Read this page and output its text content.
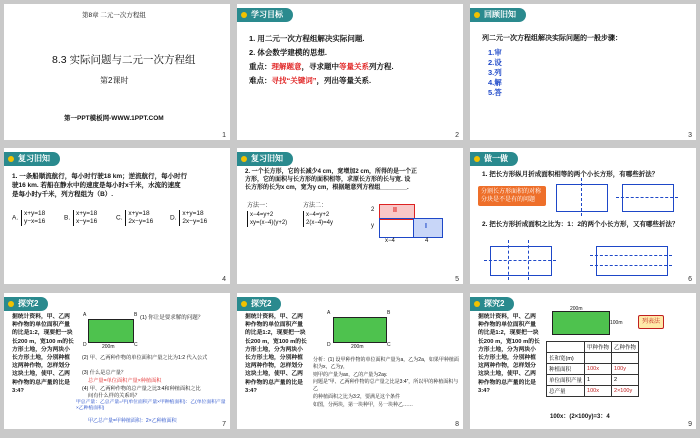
第8章 二元一次方程组
8.3 实际问题与二元一次方程组
第2课时
第一PPT模板网-WWW.1PPT.COM
1
学习目标
1. 用二元一次方程组解决实际问题.
2. 体会数学建模的思想.
重点：理解题意，寻求题中等量关系列方程.
难点：寻找“关键词”，列出等量关系.
2
回顾旧知
列二元一次方程组解决实际问题的一般步骤：
1.审
2.设
3.列
4.解
5.答
3
复习旧知
1. 一条船顺流航行，每小时行驶18 km；逆流航行，每小时行
驶16 km. 若船在静水中的速度是每小时x千米，水流的速度
是每小时y千米，列方程组为（B）.
A. x+y=18
y−x=16	B. x+y=18
x−y=16	C. x+y=18
2x−y=16	D. x+y=18
2x−y=16
4
复习旧知
2. 一个长方形，它的长减少4 cm，宽增加2 cm，所得的是一个正
方形，它的面积与长方形的面积相等，求原长方形的长与宽. 设
长方形的长为x cm，宽为y cm，根据题意列方程组________.
方法一：
x−4=y+2
xy=(x−4)(y+2)
方法二：
x−4=y+2
2(x−4)=4y
II
I
2
y
x−4	4
5
做一做
1. 把长方形纵月折成面积相等的两个小长方形，有哪些折法？
分割长方形面积的对称分块是不是有的问题
2. 把长方形折成面积之比为：1：2的两个小长方形，又有哪些折法？
6
探究2
据统计资料，甲、乙两种作物的单位面积产量的比是1:2，现要把一块长200 m，宽100 m的长方形土地，分为两块小长方形土地，分别种植这两种作物，怎样划分这块土地，使甲、乙两种作物的总产量的比是3:4?
A	B
D	C
200m
(1) 你让是要求解的问题？
(2) 甲、乙两种作物的单位面积产量之比为1:2 代入公式
(3) 什么是总产量？
总产量=单位面积产量×种植面积
(4) 甲、乙两种作物的总产量之比3:4和种植面积之比
间有什么样的关系吗？
甲总产量：乙总产量=甲(单位面积产量×甲种植面积)：乙(单位面积产量×乙种植面积)
甲乙总产量=甲种植面积：2×乙种植面积	7
探究2
据统计资料，甲、乙两种作物的单位面积产量的比是1:2，现要把一块长200 m，宽100 m的长方形土地，分为两块小长方形土地，分别种植这两种作物，怎样划分这块土地，使甲、乙两种作物的总产量的比是3:4?
A	B
D	C
200m
分析：(1) 设甲种作物的单位面积产量为a，乙为2a，如果甲种植面积为x，乙为y，
则甲的产量为ax，乙的产量为2ay.
问题是“甲、乙两种作物的总产量之比是3:4”，所以甲的种植面积与乙
的种植面积之比为3:2，要满足这个条件
如图，分两块，第一块种甲，另一块种乙……
8
探究2
据统计资料，甲、乙两种作物的单位面积产量的比是1:2，现要把一块长200 m，宽100 m的长方形土地，分为两块小长方形土地，分别种植这两种作物，怎样划分这块土地，使甲、乙两种作物的总产量的比是3:4?
200m
100m	列表法
	甲种作物	乙种作物
长和宽(m)		
种植面积	100x	100y
单位面积产量	1	2
总产量	100x	2×100y
100x：(2×100y)=3：4
9
